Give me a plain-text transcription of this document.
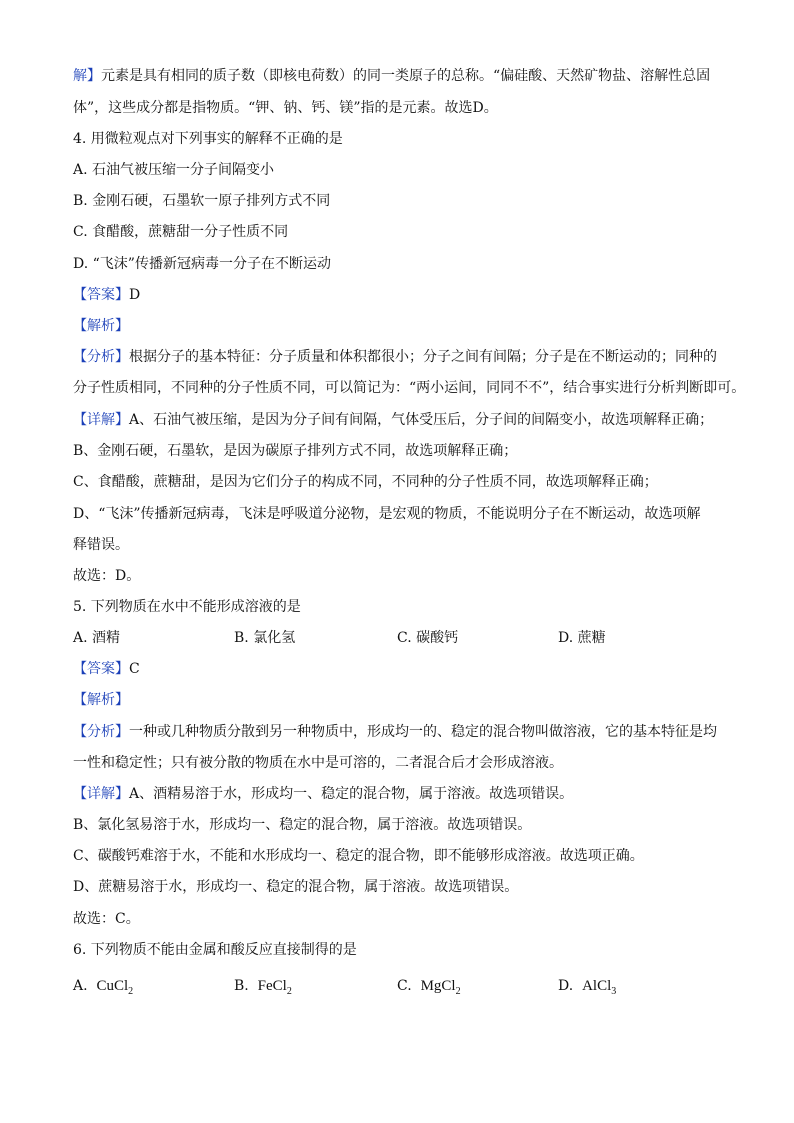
解】元素是具有相同的质子数（即核电荷数）的同一类原子的总称。“偏硅酸、天然矿物盐、溶解性总固
体”，这些成分都是指物质。“钾、钠、钙、镁”指的是元素。故选D。
4. 用微粒观点对下列事实的解释不正确的是
A. 石油气被压缩一分子间隔变小
B. 金刚石硬，石墨软一原子排列方式不同
C. 食醋酸，蔗糖甜一分子性质不同
D. “飞沫”传播新冠病毒一分子在不断运动
【答案】D
【解析】
【分析】根据分子的基本特征：分子质量和体积都很小；分子之间有间隔；分子是在不断运动的；同种的
分子性质相同，不同种的分子性质不同，可以简记为：“两小运间，同同不不”，结合事实进行分析判断即可。
【详解】A、石油气被压缩，是因为分子间有间隔，气体受压后，分子间的间隔变小，故选项解释正确；
B、金刚石硬，石墨软，是因为碳原子排列方式不同，故选项解释正确；
C、食醋酸，蔗糖甜，是因为它们分子的构成不同，不同种的分子性质不同，故选项解释正确；
D、“飞沫”传播新冠病毒，飞沫是呼吸道分泌物，是宏观的物质，不能说明分子在不断运动，故选项解
释错误。
故选：D。
5. 下列物质在水中不能形成溶液的是
A. 酒精	B. 氯化氢	C. 碳酸钙	D. 蔗糖
【答案】C
【解析】
【分析】一种或几种物质分散到另一种物质中，形成均一的、稳定的混合物叫做溶液，它的基本特征是均
一性和稳定性；只有被分散的物质在水中是可溶的，二者混合后才会形成溶液。
【详解】A、酒精易溶于水，形成均一、稳定的混合物，属于溶液。故选项错误。
B、氯化氢易溶于水，形成均一、稳定的混合物，属于溶液。故选项错误。
C、碳酸钙难溶于水，不能和水形成均一、稳定的混合物，即不能够形成溶液。故选项正确。
D、蔗糖易溶于水，形成均一、稳定的混合物，属于溶液。故选项错误。
故选：C。
6. 下列物质不能由金属和酸反应直接制得的是
A. CuCl$_2$	B. FeCl$_2$	C. MgCl$_2$	D. AlCl$_3$
